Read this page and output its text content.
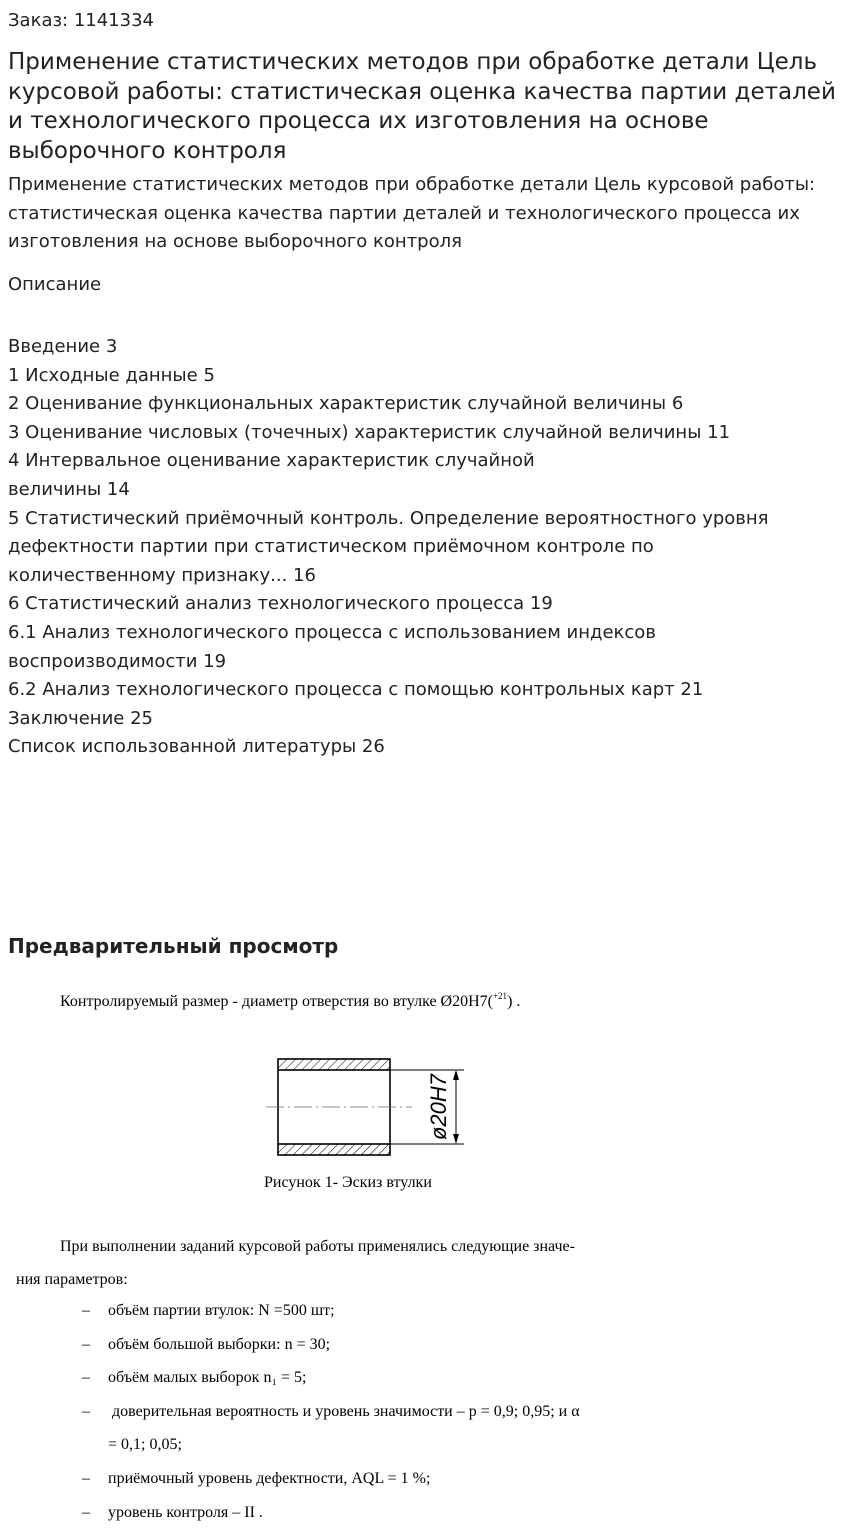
Заказ: 1141334
Применение статистических методов при обработке детали Цель курсовой работы: статистическая оценка качества партии деталей и технологического процесса их изготовления на основе выборочного контроля

Применение статистических методов при обработке детали Цель курсовой работы: статистическая оценка качества партии деталей и технологического процесса их изготовления на основе выборочного контроля

Описание
Введение 3
1 Исходные данные 5
2 Оценивание функциональных характеристик случайной величины 6
3 Оценивание числовых (точечных) характеристик случайной величины 11
4 Интервальное оценивание характеристик случайной
величины 14
5 Статистический приёмочный контроль. Определение вероятностного уровня
дефектности партии при статистическом приёмочном контроле по
количественному признаку... 16
6 Статистический анализ технологического процесса 19
6.1 Анализ технологического процесса с использованием индексов
воспроизводимости 19
6.2 Анализ технологического процесса с помощью контрольных карт 21
Заключение 25
Список использованной литературы 26
Предварительный просмотр
Контролируемый размер - диаметр отверстия во втулке Ø20Н7($^{+21}$) .
ø20H7
Рисунок 1- Эскиз втулки
При выполнении заданий курсовой работы применялись следующие значе-
ния параметров:
– объём партии втулок: N =500 шт;
– объём большой выборки: n = 30;
– объём малых выборок n₁ = 5;
– доверительная вероятность и уровень значимости – p = 0,9; 0,95; и α
= 0,1; 0,05;
– приёмочный уровень дефектности, AQL = 1 %;
– уровень контроля – II .
